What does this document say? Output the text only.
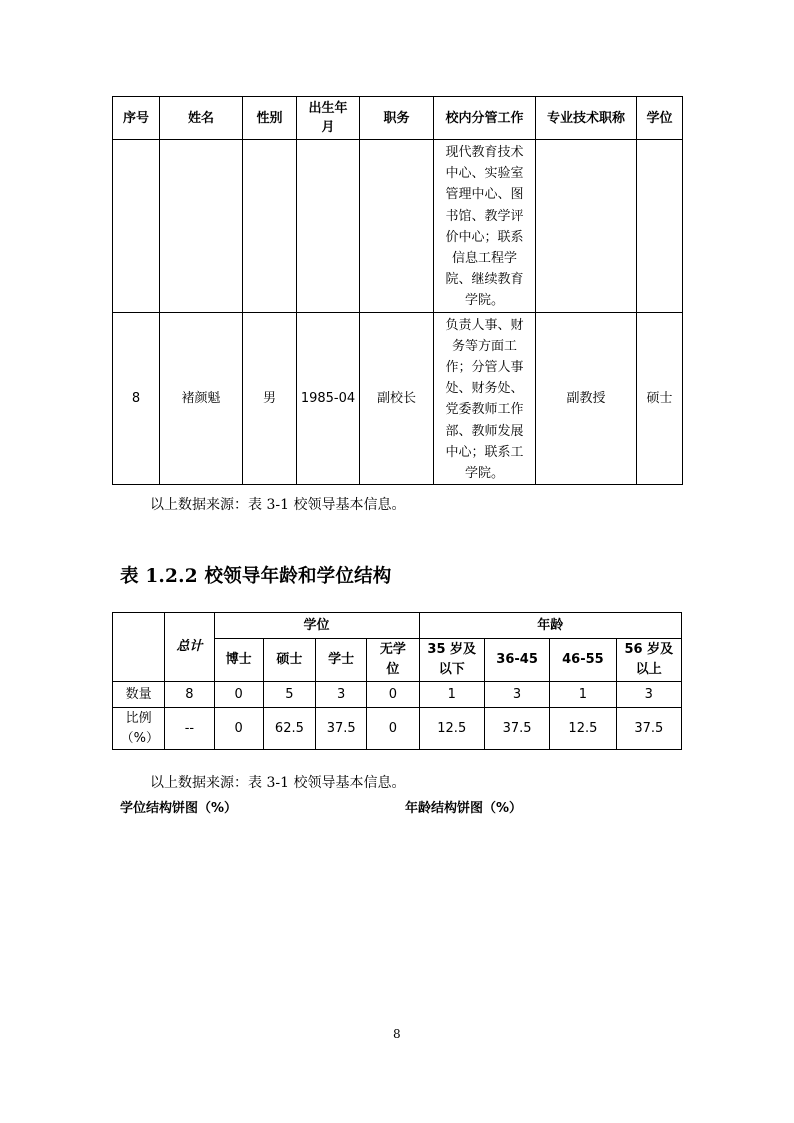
序号	姓名	性别	出生年月	职务	校内分管工作	专业技术职称	学位

					现代教育技术中心、实验室管理中心、图书馆、教学评价中心；联系信息工程学院、继续教育学院。		

8	褚颜魁	男	1985-04	副校长	负责人事、财务等方面工作；分管人事处、财务处、党委教师工作部、教师发展中心；联系工学院。	副教授	硕士
以上数据来源：表 3-1 校领导基本信息。
表 1.2.2 校领导年龄和学位结构
	总计	学位				年龄			
		博士	硕士	学士	无学位	35 岁及以下	36-45	46-55	56 岁及以上

数量	8	0	5	3	0	1	3	1	3

比例（%）	--	0	62.5	37.5	0	12.5	37.5	12.5	37.5
以上数据来源：表 3-1 校领导基本信息。
学位结构饼图（%）	年龄结构饼图（%）
8
